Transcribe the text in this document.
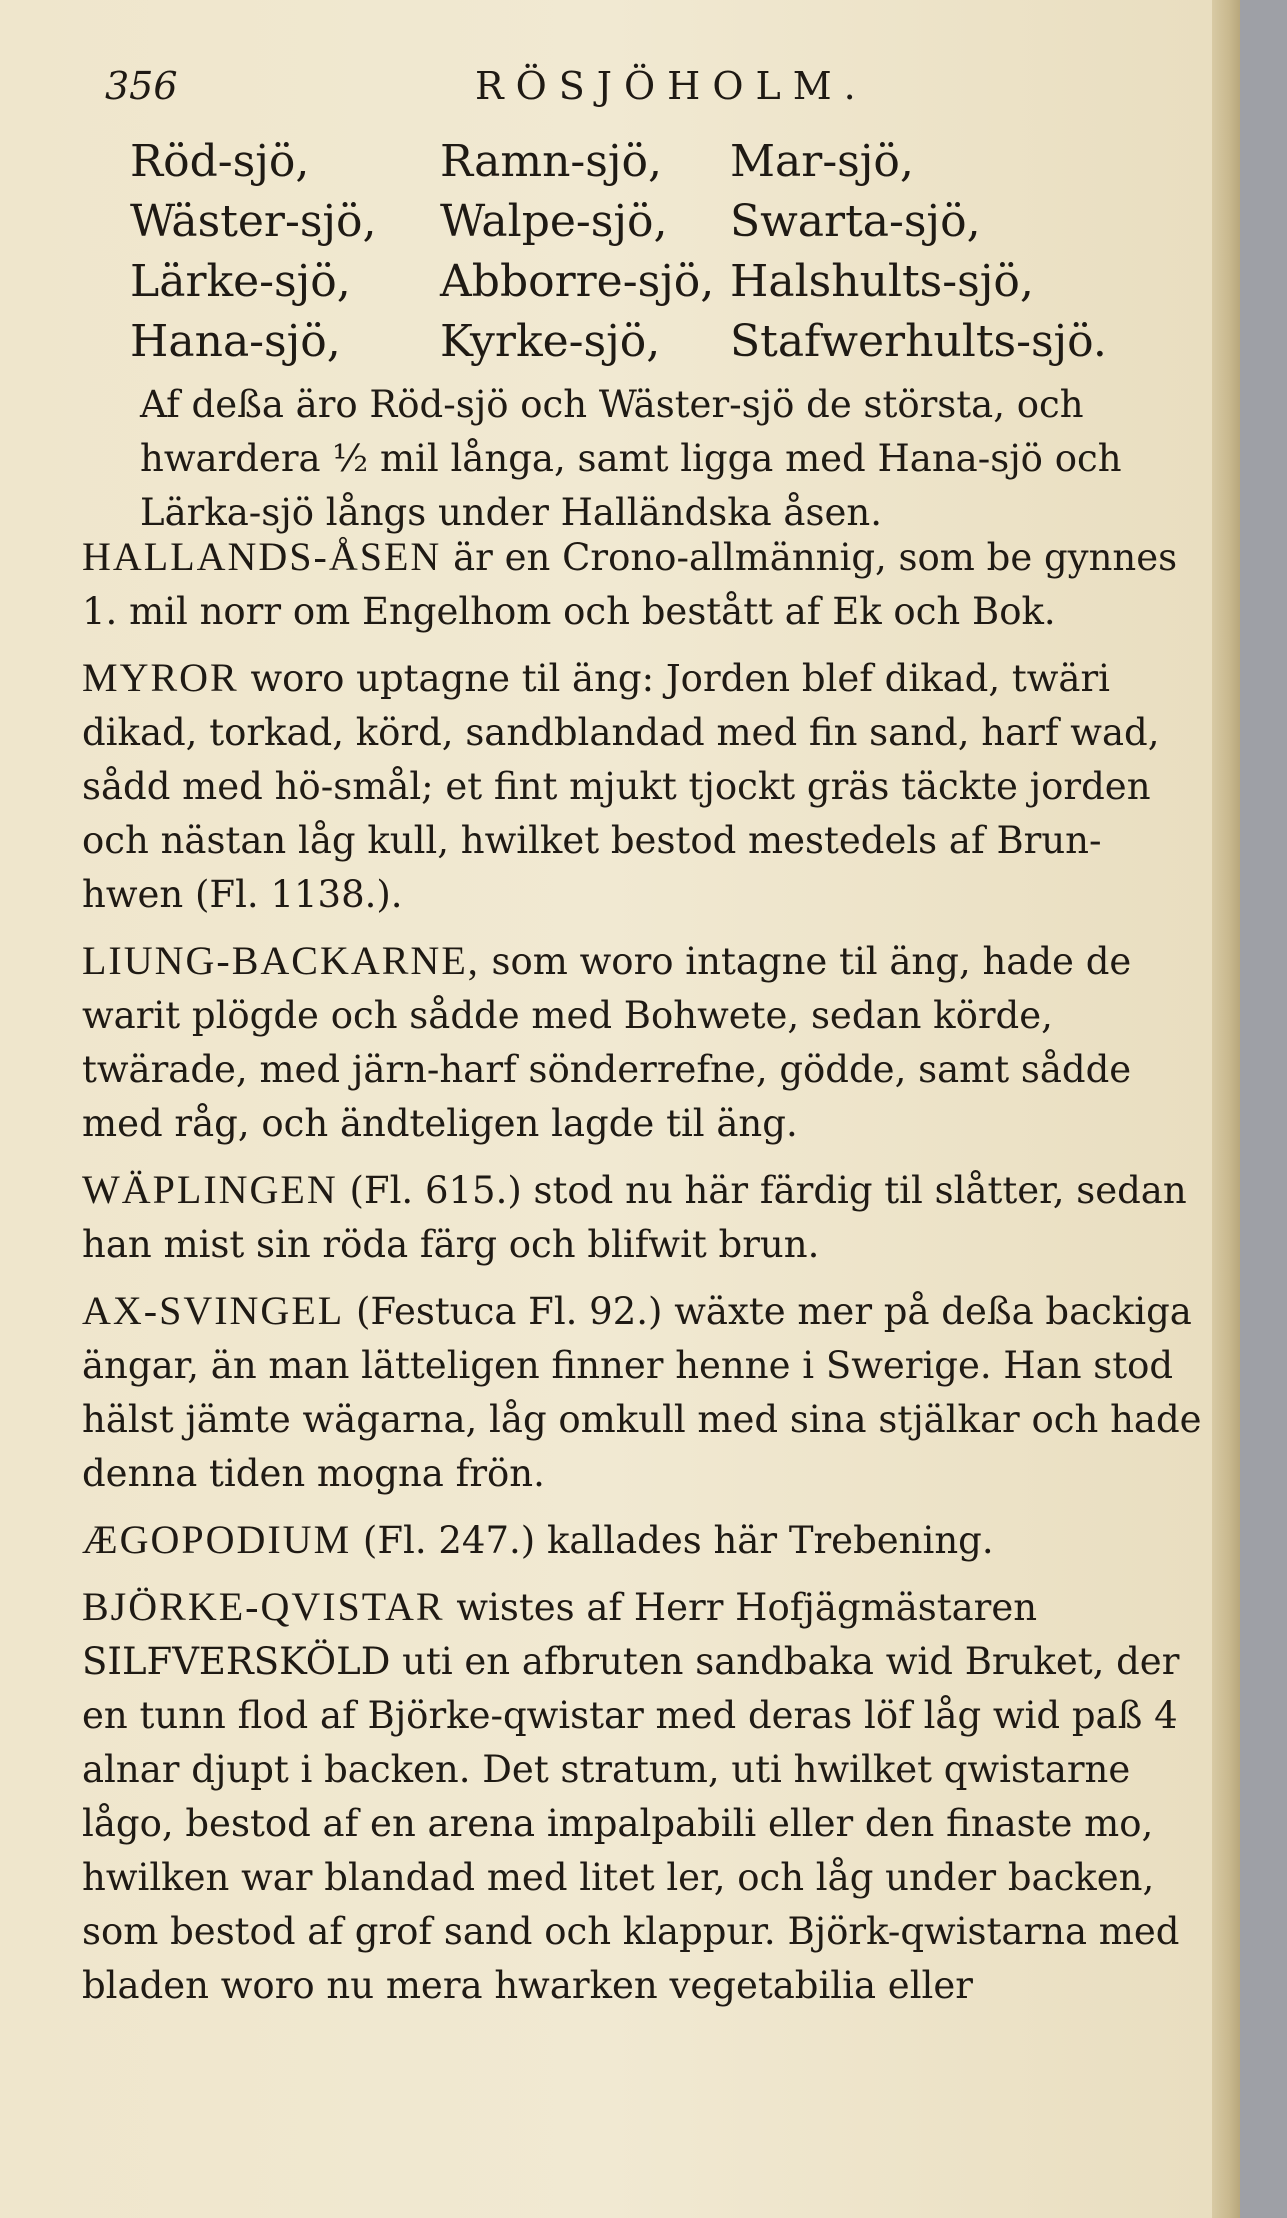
356	RÖSJÖHOLM.
Röd-sjö,	Ramn-sjö,	Mar-sjö,
Wäster-sjö,	Walpe-sjö,	Swarta-sjö,
Lärke-sjö,	Abborre-sjö, Halshults-sjö,
Hana-sjö,	Kyrke-sjö,	Stafwerhults-sjö.
Af deßa äro Röd-sjö och Wäster-sjö de största, och hwardera ½ mil långa, samt ligga med Hana-sjö och Lärka-sjö långs under Halländska åsen.

HALLANDS-ÅSEN är en Crono-allmännig, som be gynnes 1. mil norr om Engelhom och bestått af Ek och Bok.

MYROR woro uptagne til äng: Jorden blef dikad, twäri dikad, torkad, körd, sandblandad med fin sand, harf wad, sådd med hö-smål; et fint mjukt tjockt gräs täckte jorden och nästan låg kull, hwilket bestod mestedels af Brun-hwen (Fl. 1138.).

LIUNG-BACKARNE, som woro intagne til äng, hade de warit plögde och sådde med Bohwete, sedan körde, twärade, med järn-harf sönderrefne, gödde, samt sådde med råg, och ändteligen lagde til äng.

WÄPLINGEN (Fl. 615.) stod nu här färdig til slåtter, sedan han mist sin röda färg och blifwit brun.

AX-SVINGEL (Festuca Fl. 92.) wäxte mer på deßa backiga ängar, än man lätteligen finner henne i Swerige. Han stod hälst jämte wägarna, låg omkull med sina stjälkar och hade denna tiden mogna frön.

ÆGOPODIUM (Fl. 247.) kallades här Trebening.

BJÖRKE-QVISTAR wistes af Herr Hofjägmästaren SILFVERSKÖLD uti en afbruten sandbaka wid Bruket, der en tunn flod af Björke-qwistar med deras löf låg wid paß 4 alnar djupt i backen. Det stratum, uti hwilket qwistarne lågo, bestod af en arena impalpabili eller den finaste mo, hwilken war blandad med litet ler, och låg under backen, som bestod af grof sand och klappur. Björk-qwistarna med bladen woro nu mera hwarken vegetabilia eller
